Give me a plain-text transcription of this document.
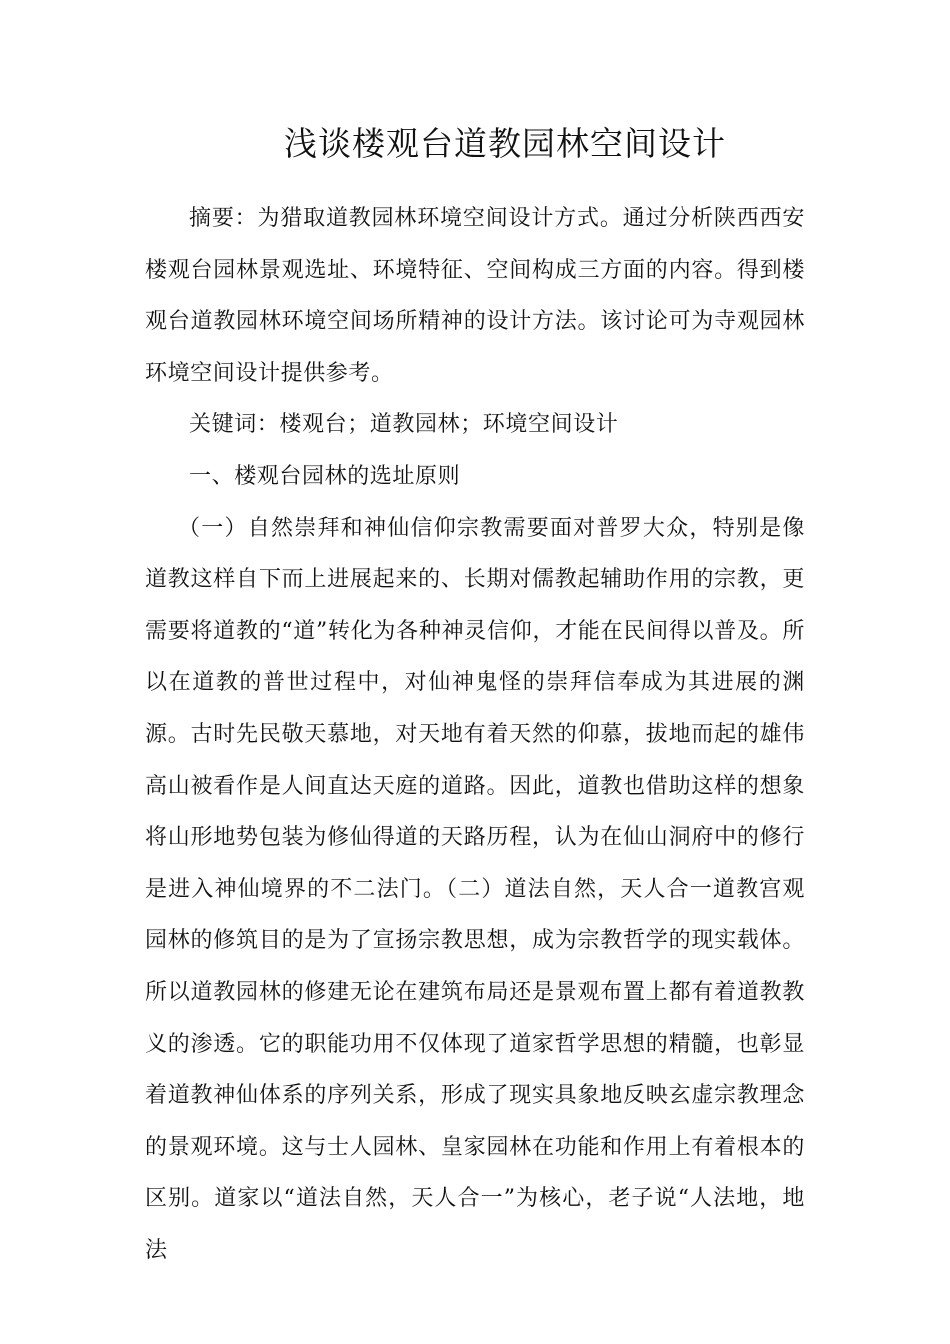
浅谈楼观台道教园林空间设计

摘要：为猎取道教园林环境空间设计方式。通过分析陕西西安楼观台园林景观选址、环境特征、空间构成三方面的内容。得到楼观台道教园林环境空间场所精神的设计方法。该讨论可为寺观园林环境空间设计提供参考。

关键词：楼观台；道教园林；环境空间设计

一、楼观台园林的选址原则

（一）自然崇拜和神仙信仰宗教需要面对普罗大众，特别是像道教这样自下而上进展起来的、长期对儒教起辅助作用的宗教，更需要将道教的“道”转化为各种神灵信仰，才能在民间得以普及。所以在道教的普世过程中，对仙神鬼怪的崇拜信奉成为其进展的渊源。古时先民敬天慕地，对天地有着天然的仰慕，拔地而起的雄伟高山被看作是人间直达天庭的道路。因此，道教也借助这样的想象将山形地势包装为修仙得道的天路历程，认为在仙山洞府中的修行是进入神仙境界的不二法门。（二）道法自然，天人合一道教宫观园林的修筑目的是为了宣扬宗教思想，成为宗教哲学的现实载体。所以道教园林的修建无论在建筑布局还是景观布置上都有着道教教义的渗透。它的职能功用不仅体现了道家哲学思想的精髓，也彰显着道教神仙体系的序列关系，形成了现实具象地反映玄虚宗教理念的景观环境。这与士人园林、皇家园林在功能和作用上有着根本的区别。道家以“道法自然，天人合一”为核心，老子说“人法地，地法
